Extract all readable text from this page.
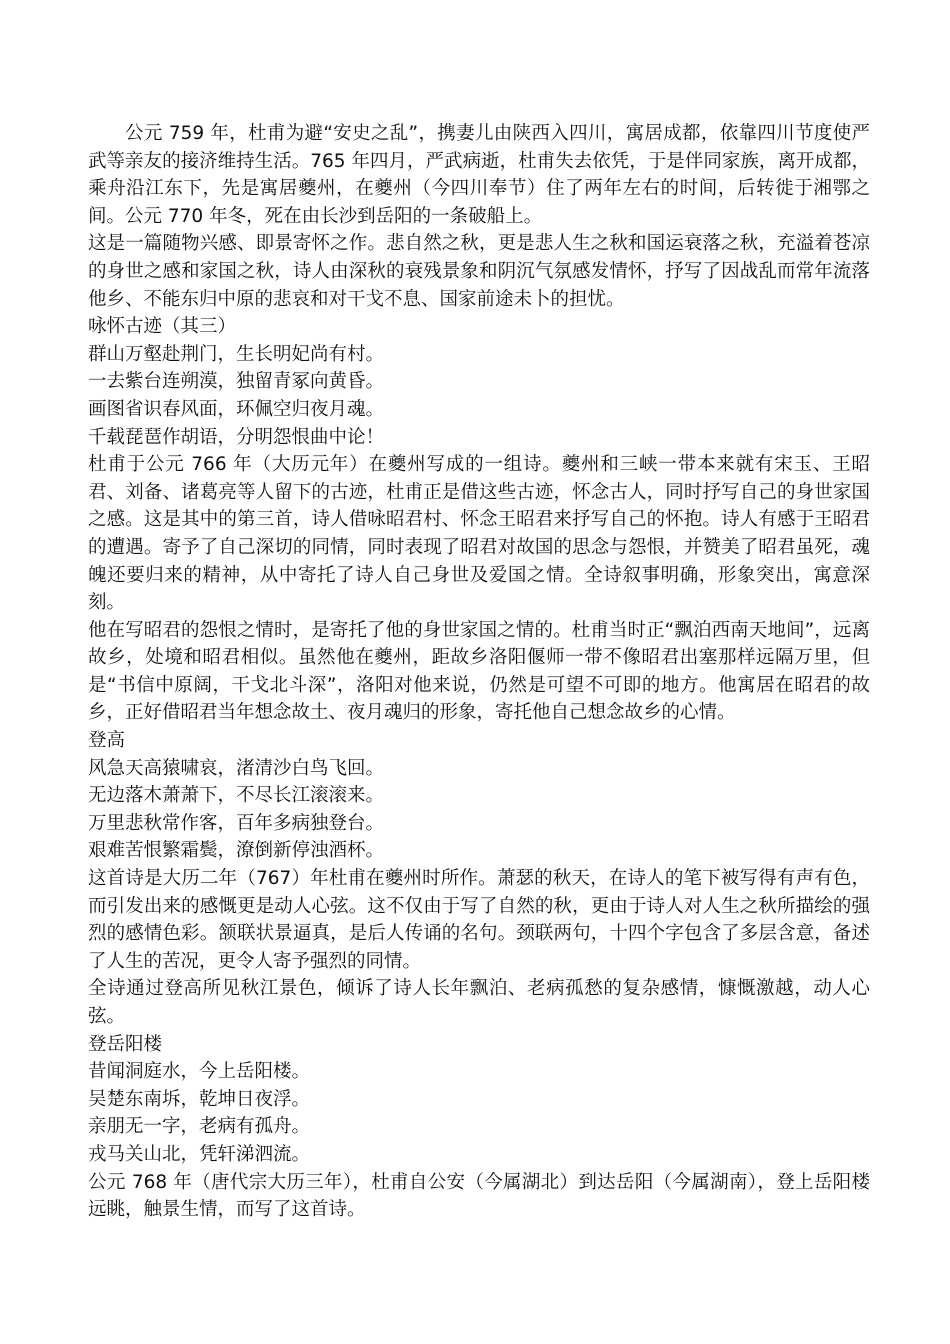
公元 759 年，杜甫为避“安史之乱”，携妻儿由陕西入四川，寓居成都，依靠四川节度使严武等亲友的接济维持生活。765 年四月，严武病逝，杜甫失去依凭，于是伴同家族，离开成都，乘舟沿江东下，先是寓居夔州，在夔州（今四川奉节）住了两年左右的时间，后转徙于湘鄂之间。公元 770 年冬，死在由长沙到岳阳的一条破船上。

这是一篇随物兴感、即景寄怀之作。悲自然之秋，更是悲人生之秋和国运衰落之秋，充溢着苍凉的身世之感和家国之秋，诗人由深秋的衰残景象和阴沉气氛感发情怀，抒写了因战乱而常年流落他乡、不能东归中原的悲哀和对干戈不息、国家前途未卜的担忧。

咏怀古迹（其三）

群山万壑赴荆门，生长明妃尚有村。

一去紫台连朔漠，独留青冢向黄昏。

画图省识春风面，环佩空归夜月魂。

千载琵琶作胡语，分明怨恨曲中论！

杜甫于公元 766 年（大历元年）在夔州写成的一组诗。夔州和三峡一带本来就有宋玉、王昭君、刘备、诸葛亮等人留下的古迹，杜甫正是借这些古迹，怀念古人，同时抒写自己的身世家国之感。这是其中的第三首，诗人借咏昭君村、怀念王昭君来抒写自己的怀抱。诗人有感于王昭君的遭遇。寄予了自己深切的同情，同时表现了昭君对故国的思念与怨恨，并赞美了昭君虽死，魂魄还要归来的精神，从中寄托了诗人自己身世及爱国之情。全诗叙事明确，形象突出，寓意深刻。

他在写昭君的怨恨之情时，是寄托了他的身世家国之情的。杜甫当时正“飘泊西南天地间”，远离故乡，处境和昭君相似。虽然他在夔州，距故乡洛阳偃师一带不像昭君出塞那样远隔万里，但是“书信中原阔，干戈北斗深”，洛阳对他来说，仍然是可望不可即的地方。他寓居在昭君的故乡，正好借昭君当年想念故土、夜月魂归的形象，寄托他自己想念故乡的心情。

登高

风急天高猿啸哀，渚清沙白鸟飞回。

无边落木萧萧下，不尽长江滚滚来。

万里悲秋常作客，百年多病独登台。

艰难苦恨繁霜鬓，潦倒新停浊酒杯。

这首诗是大历二年（767）年杜甫在夔州时所作。萧瑟的秋天，在诗人的笔下被写得有声有色，而引发出来的感慨更是动人心弦。这不仅由于写了自然的秋，更由于诗人对人生之秋所描绘的强烈的感情色彩。颔联状景逼真，是后人传诵的名句。颈联两句，十四个字包含了多层含意，备述了人生的苦况，更令人寄予强烈的同情。

全诗通过登高所见秋江景色，倾诉了诗人长年飘泊、老病孤愁的复杂感情，慷慨激越，动人心弦。

登岳阳楼

昔闻洞庭水，今上岳阳楼。

吴楚东南坼，乾坤日夜浮。

亲朋无一字，老病有孤舟。

戎马关山北，凭轩涕泗流。

公元 768 年（唐代宗大历三年），杜甫自公安（今属湖北）到达岳阳（今属湖南），登上岳阳楼远眺，触景生情，而写了这首诗。
